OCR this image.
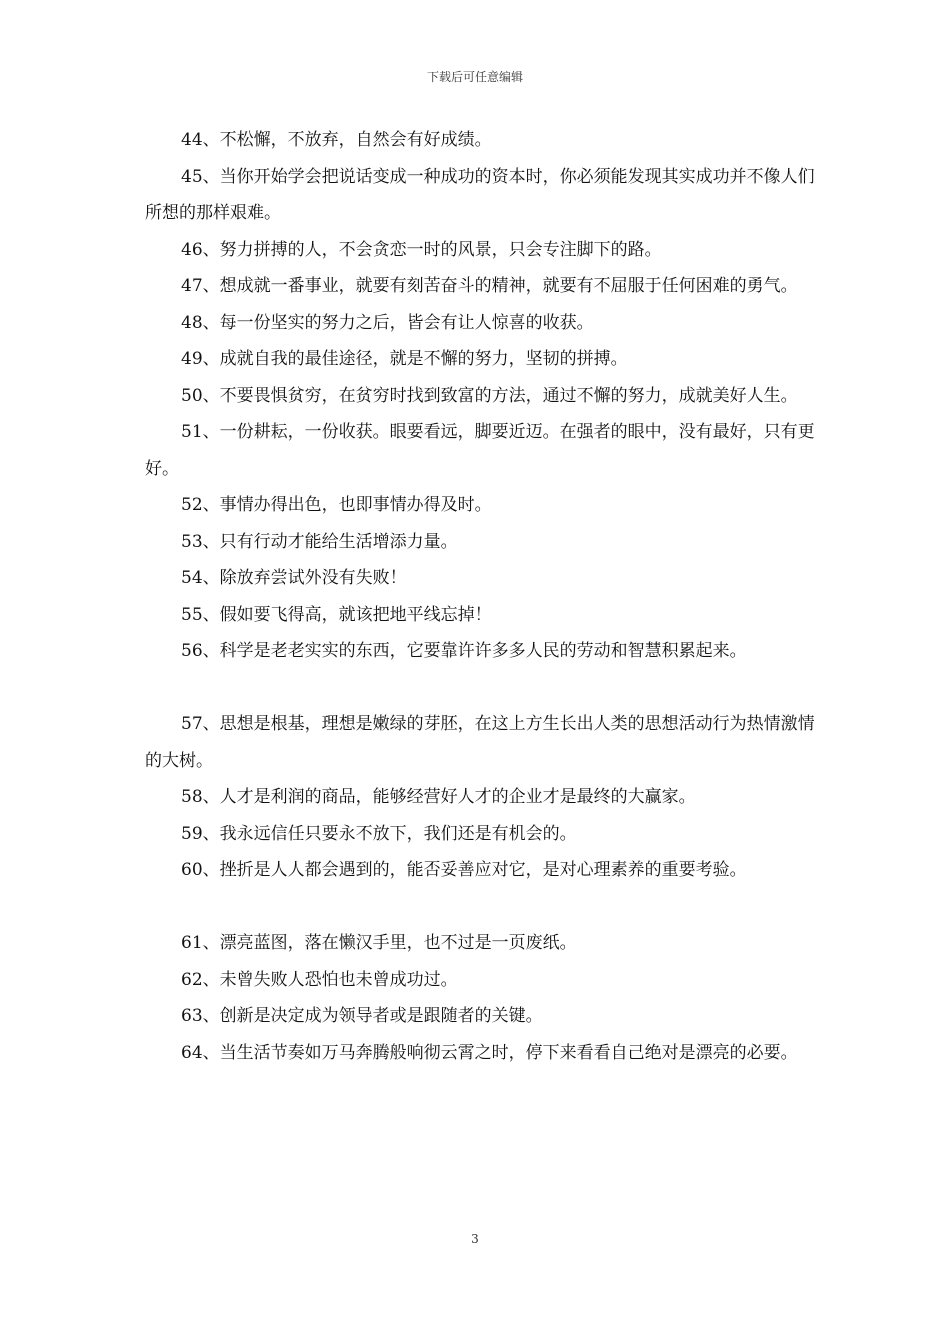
下载后可任意编辑

44、不松懈，不放弃，自然会有好成绩。

45、当你开始学会把说话变成一种成功的资本时，你必须能发现其实成功并不像人们所想的那样艰难。

46、努力拼搏的人，不会贪恋一时的风景，只会专注脚下的路。

47、想成就一番事业，就要有刻苦奋斗的精神，就要有不屈服于任何困难的勇气。

48、每一份坚实的努力之后，皆会有让人惊喜的收获。

49、成就自我的最佳途径，就是不懈的努力，坚韧的拼搏。

50、不要畏惧贫穷，在贫穷时找到致富的方法，通过不懈的努力，成就美好人生。

51、一份耕耘，一份收获。眼要看远，脚要近迈。在强者的眼中，没有最好，只有更好。

52、事情办得出色，也即事情办得及时。

53、只有行动才能给生活增添力量。

54、除放弃尝试外没有失败！

55、假如要飞得高，就该把地平线忘掉！

56、科学是老老实实的东西，它要靠许许多多人民的劳动和智慧积累起来。

57、思想是根基，理想是嫩绿的芽胚，在这上方生长出人类的思想活动行为热情激情的大树。

58、人才是利润的商品，能够经营好人才的企业才是最终的大赢家。

59、我永远信任只要永不放下，我们还是有机会的。

60、挫折是人人都会遇到的，能否妥善应对它，是对心理素养的重要考验。

61、漂亮蓝图，落在懒汉手里，也不过是一页废纸。

62、未曾失败人恐怕也未曾成功过。

63、创新是决定成为领导者或是跟随者的关键。

64、当生活节奏如万马奔腾般响彻云霄之时，停下来看看自己绝对是漂亮的必要。

3
